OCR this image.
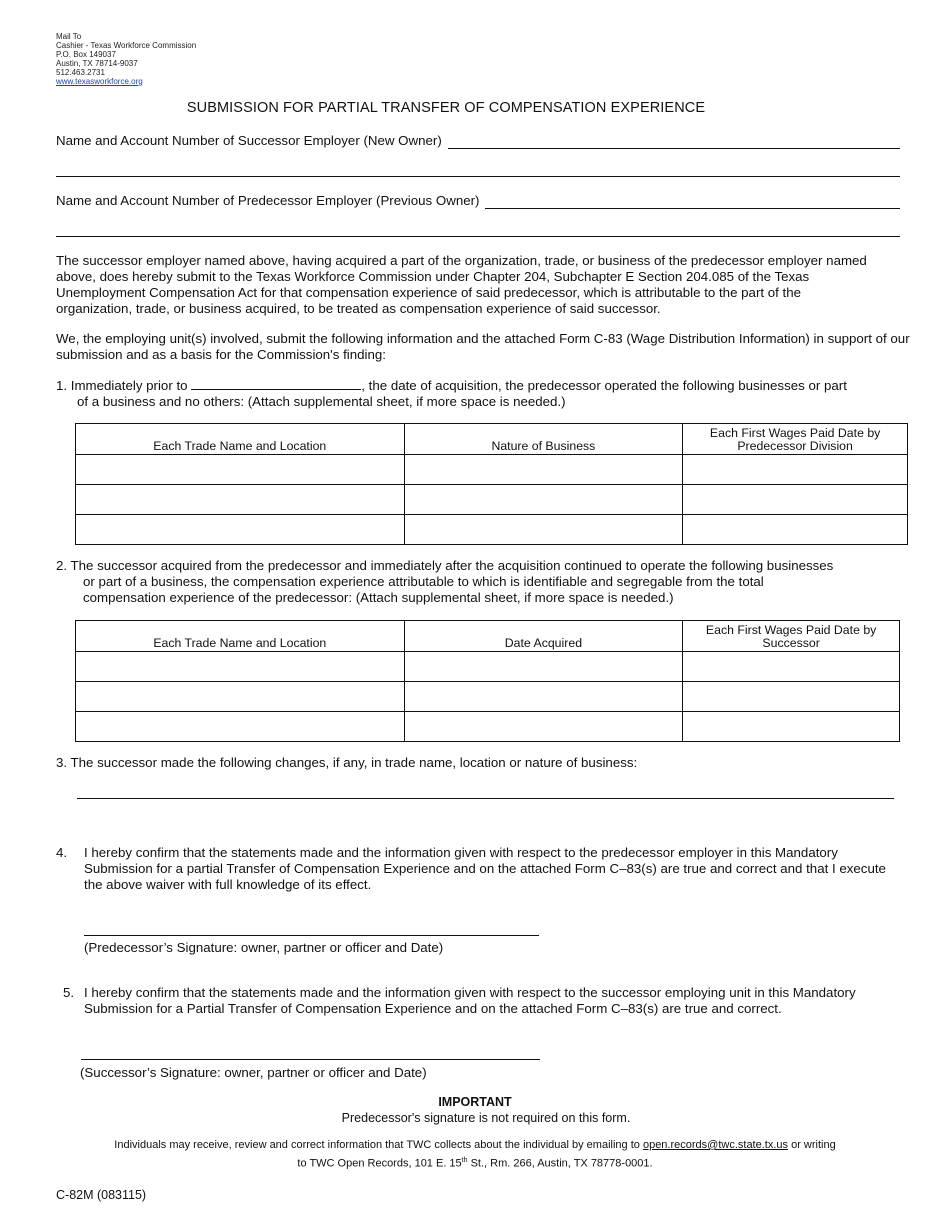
Mail To
Cashier - Texas Workforce Commission
P.O. Box 149037
Austin, TX 78714-9037
512.463.2731
www.texasworkforce.org
SUBMISSION FOR PARTIAL TRANSFER OF COMPENSATION EXPERIENCE
Name and Account Number of Successor Employer (New Owner)
Name and Account Number of Predecessor Employer (Previous Owner)
The successor employer named above, having acquired a part of the organization, trade, or business of the predecessor employer named above, does hereby submit to the Texas Workforce Commission under Chapter 204, Subchapter E Section 204.085 of the Texas Unemployment Compensation Act for that compensation experience of said predecessor, which is attributable to the part of the organization, trade, or business acquired, to be treated as compensation experience of said successor.
We, the employing unit(s) involved, submit the following information and the attached Form C-83 (Wage Distribution Information) in support of our submission and as a basis for the Commission's finding:
1. Immediately prior to	, the date of acquisition, the predecessor operated the following businesses or part
of a business and no others: (Attach supplemental sheet, if more space is needed.)
Each Trade Name and Location	Nature of Business	Each First Wages Paid Date by Predecessor Division

2. The successor acquired from the predecessor and immediately after the acquisition continued to operate the following businesses
or part of a business, the compensation experience attributable to which is identifiable and segregable from the total
compensation experience of the predecessor: (Attach supplemental sheet, if more space is needed.)
Each Trade Name and Location	Date Acquired	Each First Wages Paid Date by Successor

3. The successor made the following changes, if any, in trade name, location or nature of business:
4.	I hereby confirm that the statements made and the information given with respect to the predecessor employer in this Mandatory Submission for a partial Transfer of Compensation Experience and on the attached Form C–83(s) are true and correct and that I execute the above waiver with full knowledge of its effect.
(Predecessor’s Signature: owner, partner or officer and Date)
5. I hereby confirm that the statements made and the information given with respect to the successor employing unit in this Mandatory Submission for a Partial Transfer of Compensation Experience and on the attached Form C–83(s) are true and correct.
(Successor’s Signature: owner, partner or officer and Date)
IMPORTANT
Predecessor's signature is not required on this form.
Individuals may receive, review and correct information that TWC collects about the individual by emailing to open.records@twc.state.tx.us or writing
to TWC Open Records, 101 E. 15th St., Rm. 266, Austin, TX 78778-0001.
C-82M (083115)
